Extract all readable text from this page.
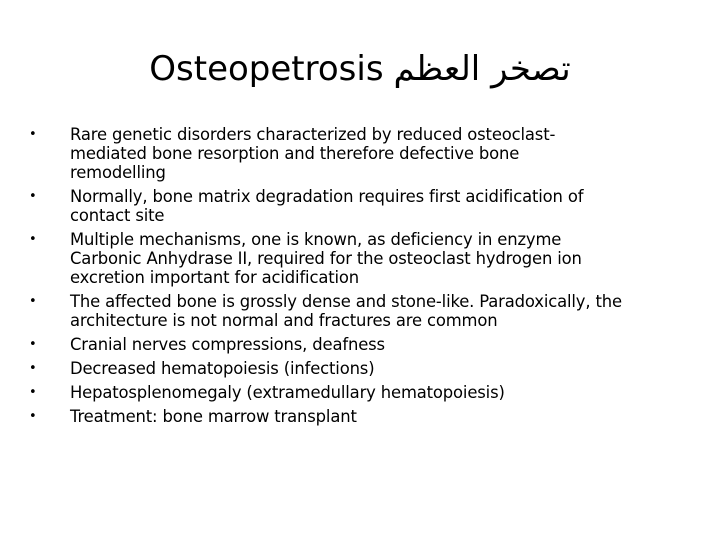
Osteopetrosis تصخر العظم
• Rare genetic disorders characterized by reduced osteoclast-
mediated bone resorption and therefore defective bone
remodelling
• Normally, bone matrix degradation requires first acidification of
contact site
• Multiple mechanisms, one is known, as deficiency in enzyme
Carbonic Anhydrase II, required for the osteoclast hydrogen ion
excretion important for acidification
• The affected bone is grossly dense and stone-like. Paradoxically, the
architecture is not normal and fractures are common
• Cranial nerves compressions, deafness
• Decreased hematopoiesis (infections)
• Hepatosplenomegaly (extramedullary hematopoiesis)
• Treatment: bone marrow transplant
